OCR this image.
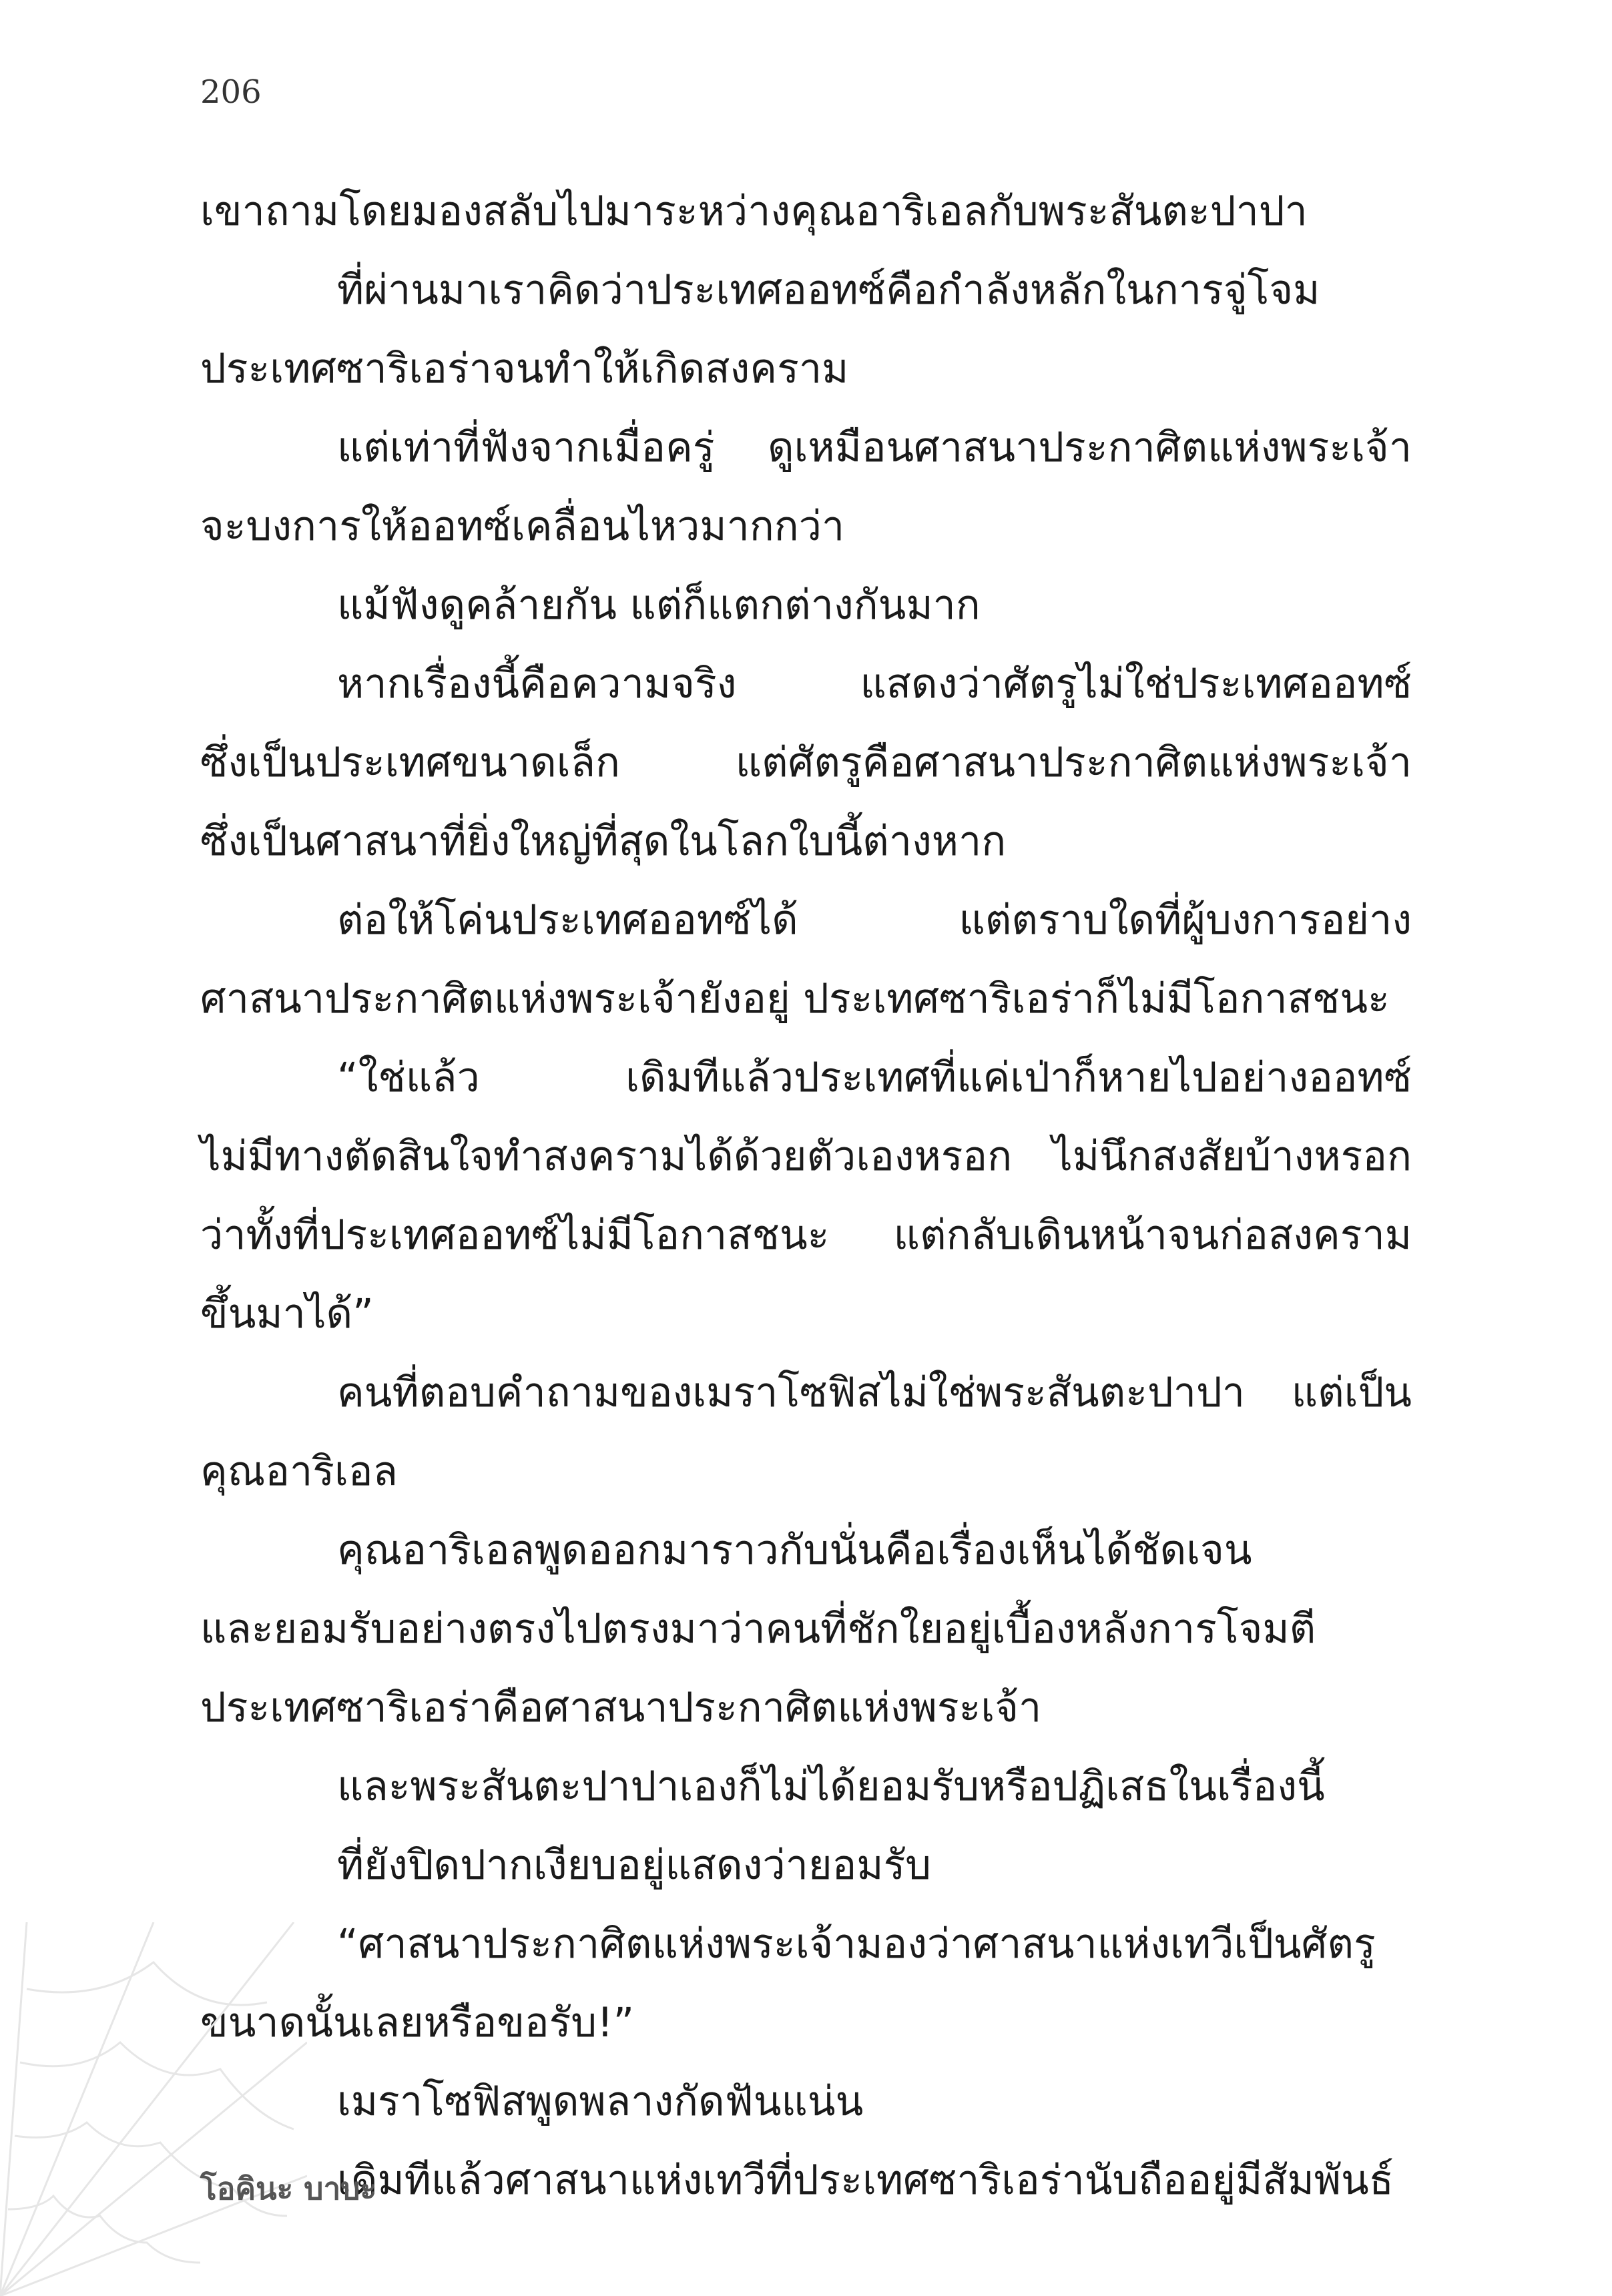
206
เขาถามโดยมองสลับไปมาระหว่างคุณอาริเอลกับพระสันตะปาปา
ที่ผ่านมาเราคิดว่าประเทศออทซ์คือกำลังหลักในการจู่โจม
ประเทศซาริเอร่าจนทำให้เกิดสงคราม
แต่เท่าที่ฟังจากเมื่อครู่ ดูเหมือนศาสนาประกาศิตแห่งพระเจ้า
จะบงการให้ออทซ์เคลื่อนไหวมากกว่า
แม้ฟังดูคล้ายกัน แต่ก็แตกต่างกันมาก
หากเรื่องนี้คือความจริง	แสดงว่าศัตรูไม่ใช่ประเทศออทซ์
ซึ่งเป็นประเทศขนาดเล็ก	แต่ศัตรูคือศาสนาประกาศิตแห่งพระเจ้า
ซึ่งเป็นศาสนาที่ยิ่งใหญ่ที่สุดในโลกใบนี้ต่างหาก
ต่อให้โค่นประเทศออทซ์ได้	แต่ตราบใดที่ผู้บงการอย่าง
ศาสนาประกาศิตแห่งพระเจ้ายังอยู่ ประเทศซาริเอร่าก็ไม่มีโอกาสชนะ
“ใช่แล้ว	เดิมทีแล้วประเทศที่แค่เป่าก็หายไปอย่างออทซ์
ไม่มีทางตัดสินใจทำสงครามได้ด้วยตัวเองหรอก ไม่นึกสงสัยบ้างหรอก
ว่าทั้งที่ประเทศออทซ์ไม่มีโอกาสชนะ แต่กลับเดินหน้าจนก่อสงคราม
ขึ้นมาได้”
คนที่ตอบคำถามของเมราโซฟิสไม่ใช่พระสันตะปาปา แต่เป็น
คุณอาริเอล
คุณอาริเอลพูดออกมาราวกับนั่นคือเรื่องเห็นได้ชัดเจน
และยอมรับอย่างตรงไปตรงมาว่าคนที่ชักใยอยู่เบื้องหลังการโจมตี
ประเทศซาริเอร่าคือศาสนาประกาศิตแห่งพระเจ้า
และพระสันตะปาปาเองก็ไม่ได้ยอมรับหรือปฏิเสธในเรื่องนี้
ที่ยังปิดปากเงียบอยู่แสดงว่ายอมรับ
“ศาสนาประกาศิตแห่งพระเจ้ามองว่าศาสนาแห่งเทวีเป็นศัตรู
ขนาดนั้นเลยหรือขอรับ!”
เมราโซฟิสพูดพลางกัดฟันแน่น
เดิมทีแล้วศาสนาแห่งเทวีที่ประเทศซาริเอร่านับถืออยู่มีสัมพันธ์
โอคินะ บาบะ
